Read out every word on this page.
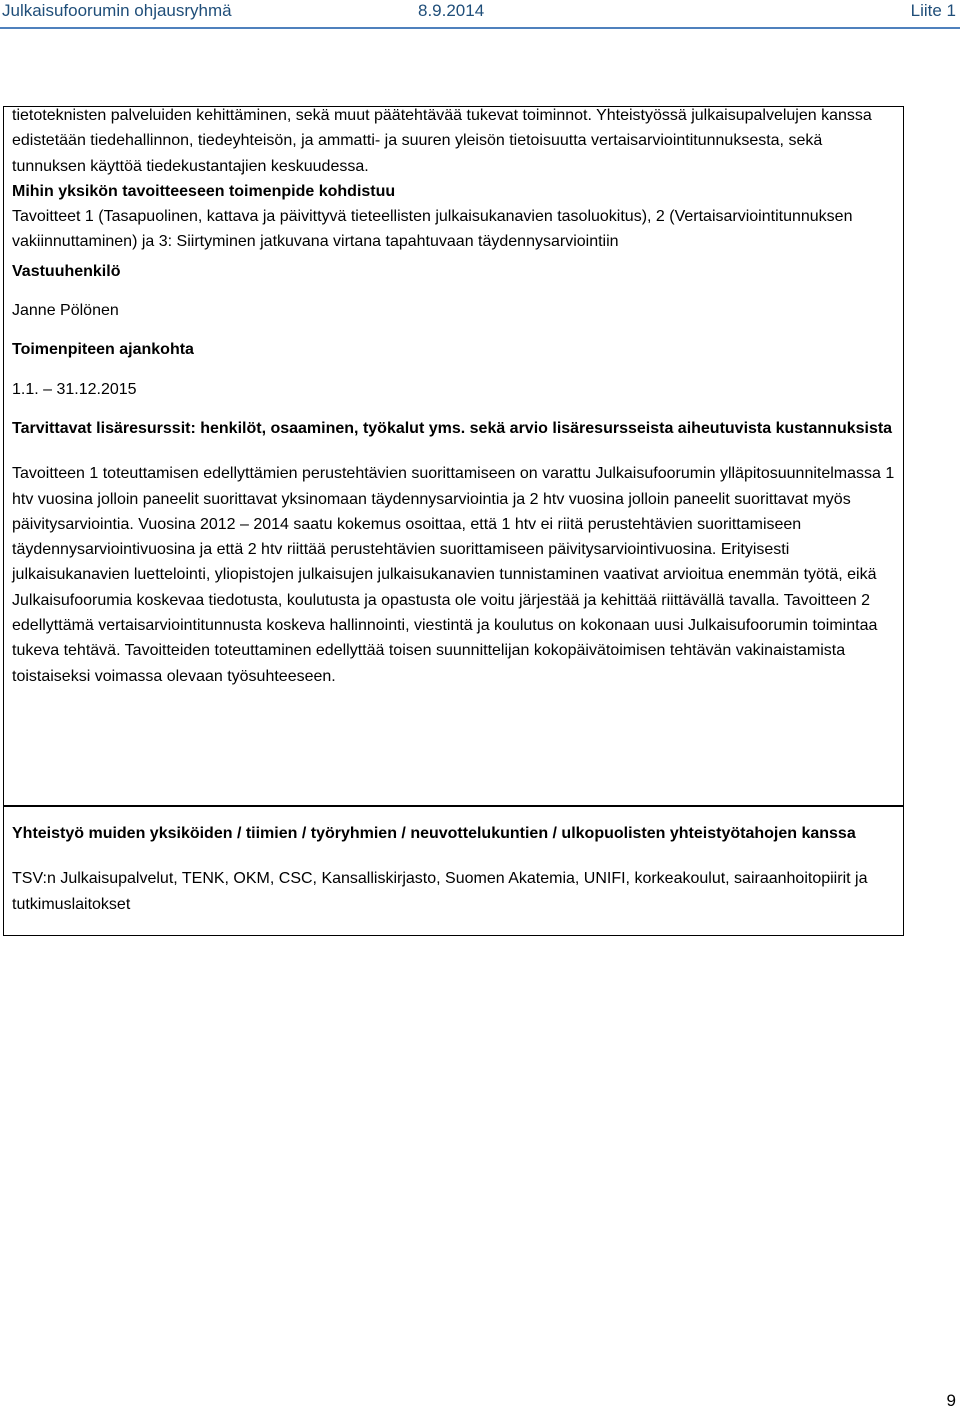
Julkaisufoorumin ohjausryhmä	8.9.2014	Liite 1

tietoteknisten palveluiden kehittäminen, sekä muut päätehtävää tukevat toiminnot. Yhteistyössä julkaisupalvelujen kanssa edistetään tiedehallinnon, tiedeyhteisön, ja ammatti- ja suuren yleisön tietoisuutta vertaisarviointitunnuksesta, sekä tunnuksen käyttöä tiedekustantajien keskuudessa.

Mihin yksikön tavoitteeseen toimenpide kohdistuu

Tavoitteet 1 (Tasapuolinen, kattava ja päivittyvä tieteellisten julkaisukanavien tasoluokitus), 2 (Vertaisarviointitunnuksen vakiinnuttaminen) ja 3: Siirtyminen jatkuvana virtana tapahtuvaan täydennysarviointiin

Vastuuhenkilö

Janne Pölönen

Toimenpiteen ajankohta

1.1. – 31.12.2015

Tarvittavat lisäresurssit: henkilöt, osaaminen, työkalut yms. sekä arvio lisäresursseista aiheutuvista kustannuksista

Tavoitteen 1 toteuttamisen edellyttämien perustehtävien suorittamiseen on varattu Julkaisufoorumin ylläpitosuunnitelmassa 1 htv vuosina jolloin paneelit suorittavat yksinomaan täydennysarviointia ja 2 htv vuosina jolloin paneelit suorittavat myös päivitysarviointia. Vuosina 2012 – 2014 saatu kokemus osoittaa, että 1 htv ei riitä perustehtävien suorittamiseen täydennysarviointivuosina ja että 2 htv riittää perustehtävien suorittamiseen päivitysarviointivuosina. Erityisesti julkaisukanavien luettelointi, yliopistojen julkaisujen julkaisukanavien tunnistaminen vaativat arvioitua enemmän työtä, eikä Julkaisufoorumia koskevaa tiedotusta, koulutusta ja opastusta ole voitu järjestää ja kehittää riittävällä tavalla. Tavoitteen 2 edellyttämä vertaisarviointitunnusta koskeva hallinnointi, viestintä ja koulutus on kokonaan uusi Julkaisufoorumin toimintaa tukeva tehtävä. Tavoitteiden toteuttaminen edellyttää toisen suunnittelijan kokopäivätoimisen tehtävän vakinaistamista toistaiseksi voimassa olevaan työsuhteeseen.

Yhteistyö muiden yksiköiden / tiimien / työryhmien / neuvottelukuntien / ulkopuolisten yhteistyötahojen kanssa

TSV:n Julkaisupalvelut, TENK, OKM, CSC, Kansalliskirjasto, Suomen Akatemia, UNIFI, korkeakoulut, sairaanhoitopiirit ja tutkimuslaitokset

9
